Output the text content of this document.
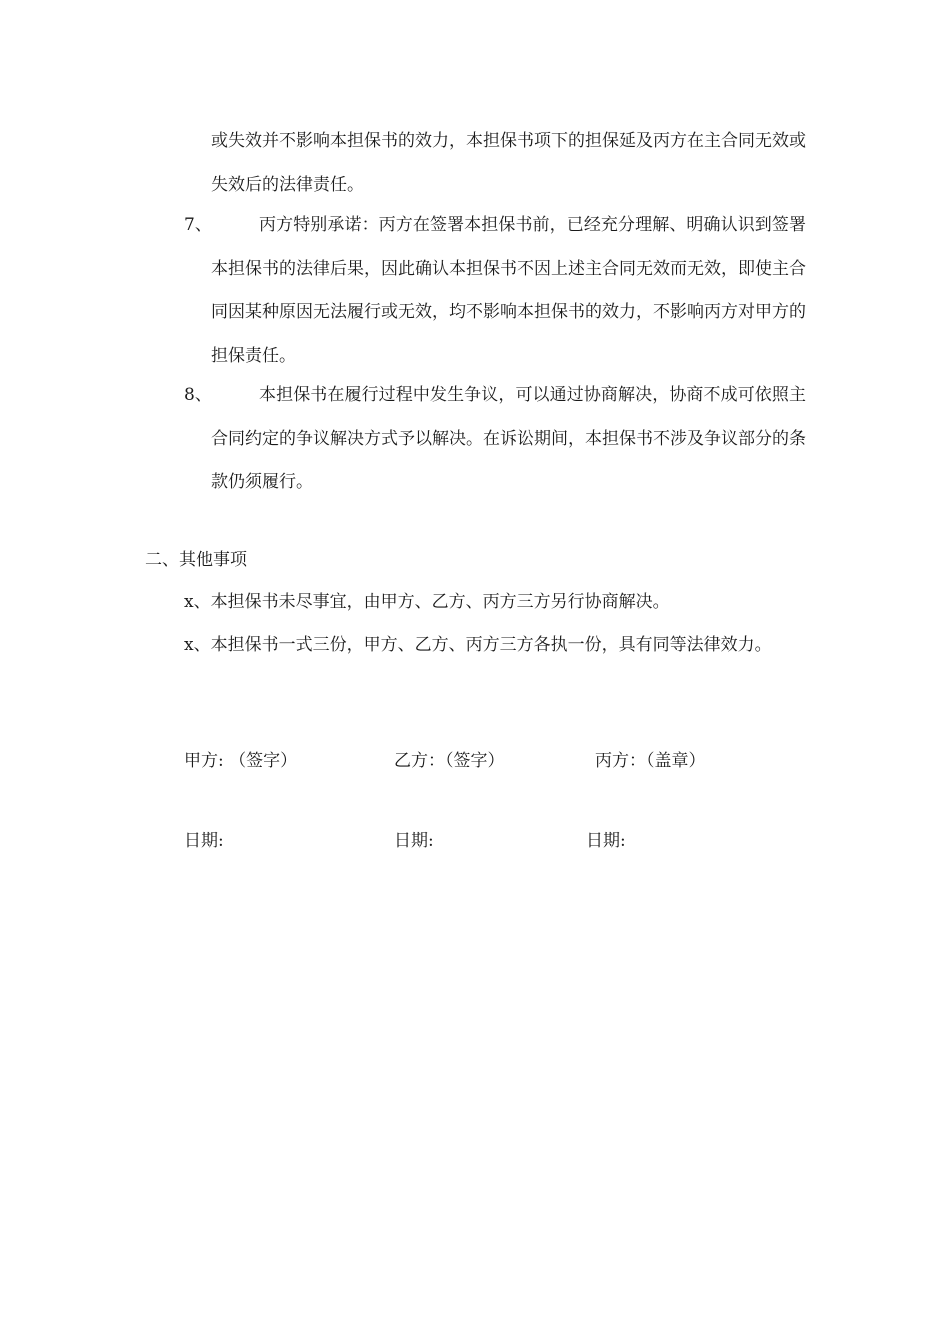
或失效并不影响本担保书的效力，本担保书项下的担保延及丙方在主合同无效或失效后的法律责任。
7、	丙方特别承诺：丙方在签署本担保书前，已经充分理解、明确认识到签署本担保书的法律后果，因此确认本担保书不因上述主合同无效而无效，即使主合同因某种原因无法履行或无效，均不影响本担保书的效力，不影响丙方对甲方的担保责任。
8、	本担保书在履行过程中发生争议，可以通过协商解决，协商不成可依照主合同约定的争议解决方式予以解决。在诉讼期间，本担保书不涉及争议部分的条款仍须履行。
二、其他事项
x、本担保书未尽事宜，由甲方、乙方、丙方三方另行协商解决。
x、本担保书一式三份，甲方、乙方、丙方三方各执一份，具有同等法律效力。
甲方: （签字）	乙方：（签字）	丙方：（盖章）
日期:	日期:	日期:
